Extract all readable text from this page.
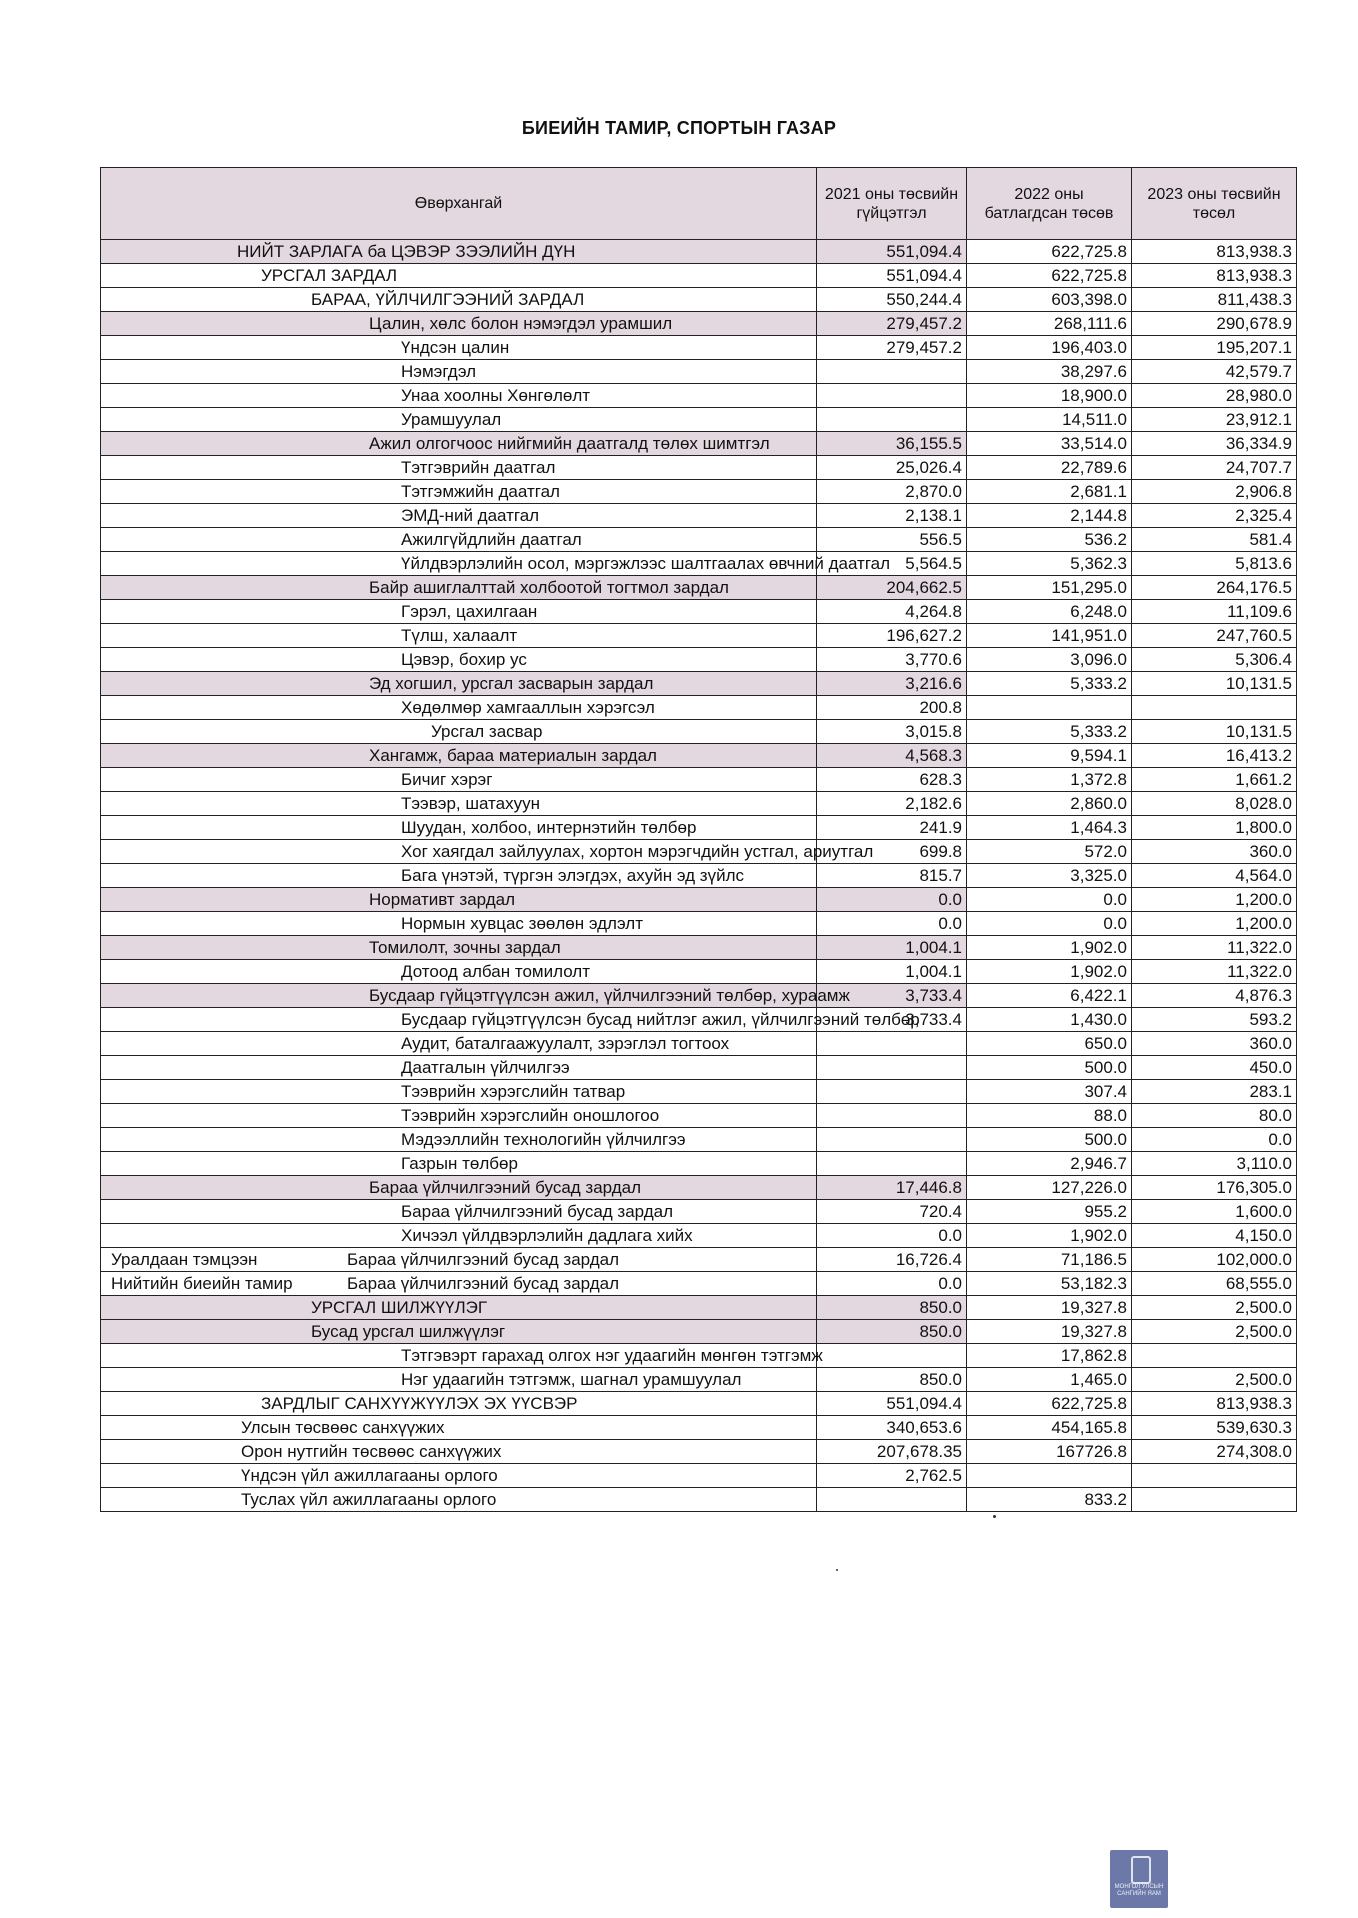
БИЕИЙН ТАМИР, СПОРТЫН ГАЗАР
Өвөрхангай	2021 оны төсвийн гүйцэтгэл	2022 оны батлагдсан төсөв	2023 оны төсвийн төсөл
НИЙТ ЗАРЛАГА ба ЦЭВЭР ЗЭЭЛИЙН ДҮН	551,094.4	622,725.8	813,938.3
УРСГАЛ ЗАРДАЛ	551,094.4	622,725.8	813,938.3
БАРАА, ҮЙЛЧИЛГЭЭНИЙ ЗАРДАЛ	550,244.4	603,398.0	811,438.3
Цалин, хөлс болон нэмэгдэл урамшил	279,457.2	268,111.6	290,678.9
Үндсэн цалин	279,457.2	196,403.0	195,207.1
Нэмэгдэл		38,297.6	42,579.7
Унаа хоолны Хөнгөлөлт		18,900.0	28,980.0
Урамшуулал		14,511.0	23,912.1
Ажил олгогчоос нийгмийн даатгалд төлөх шимтгэл	36,155.5	33,514.0	36,334.9
Тэтгэврийн даатгал	25,026.4	22,789.6	24,707.7
Тэтгэмжийн даатгал	2,870.0	2,681.1	2,906.8
ЭМД-ний даатгал	2,138.1	2,144.8	2,325.4
Ажилгүйдлийн даатгал	556.5	536.2	581.4
Үйлдвэрлэлийн осол, мэргэжлээс шалтгаалах өвчний даатгал	5,564.5	5,362.3	5,813.6
Байр ашиглалттай холбоотой тогтмол зардал	204,662.5	151,295.0	264,176.5
Гэрэл, цахилгаан	4,264.8	6,248.0	11,109.6
Түлш, халаалт	196,627.2	141,951.0	247,760.5
Цэвэр, бохир ус	3,770.6	3,096.0	5,306.4
Эд хогшил, урсгал засварын зардал	3,216.6	5,333.2	10,131.5
Хөдөлмөр хамгааллын хэрэгсэл	200.8		
Урсгал засвар	3,015.8	5,333.2	10,131.5
Хангамж, бараа материалын зардал	4,568.3	9,594.1	16,413.2
Бичиг хэрэг	628.3	1,372.8	1,661.2
Тээвэр, шатахуун	2,182.6	2,860.0	8,028.0
Шуудан, холбоо, интернэтийн төлбөр	241.9	1,464.3	1,800.0
Хог хаягдал зайлуулах, хортон мэрэгчдийн устгал, ариутгал	699.8	572.0	360.0
Бага үнэтэй, түргэн элэгдэх, ахуйн эд зүйлс	815.7	3,325.0	4,564.0
Нормативт зардал	0.0	0.0	1,200.0
Нормын хувцас зөөлөн эдлэлт	0.0	0.0	1,200.0
Томилолт, зочны зардал	1,004.1	1,902.0	11,322.0
Дотоод албан томилолт	1,004.1	1,902.0	11,322.0
Бусдаар гүйцэтгүүлсэн ажил, үйлчилгээний төлбөр, хураамж	3,733.4	6,422.1	4,876.3
Бусдаар гүйцэтгүүлсэн бусад нийтлэг ажил, үйлчилгээний төлбөр	3,733.4	1,430.0	593.2
Аудит, баталгаажуулалт, зэрэглэл тогтоох		650.0	360.0
Даатгалын үйлчилгээ		500.0	450.0
Тээврийн хэрэгслийн татвар		307.4	283.1
Тээврийн хэрэгслийн оношлогоо		88.0	80.0
Мэдээллийн технологийн үйлчилгээ		500.0	0.0
Газрын төлбөр		2,946.7	3,110.0
Бараа үйлчилгээний бусад зардал	17,446.8	127,226.0	176,305.0
Бараа үйлчилгээний бусад зардал	720.4	955.2	1,600.0
Хичээл үйлдвэрлэлийн дадлага хийх	0.0	1,902.0	4,150.0
Уралдаан тэмцээн Бараа үйлчилгээний бусад зардал	16,726.4	71,186.5	102,000.0
Нийтийн биеийн тамир Бараа үйлчилгээний бусад зардал	0.0	53,182.3	68,555.0
УРСГАЛ ШИЛЖҮҮЛЭГ	850.0	19,327.8	2,500.0
Бусад урсгал шилжүүлэг	850.0	19,327.8	2,500.0
Тэтгэвэрт гарахад олгох нэг удаагийн мөнгөн тэтгэмж		17,862.8	
Нэг удаагийн тэтгэмж, шагнал урамшуулал	850.0	1,465.0	2,500.0
ЗАРДЛЫГ САНХҮҮЖҮҮЛЭХ ЭХ ҮҮСВЭР	551,094.4	622,725.8	813,938.3
Улсын төсвөөс санхүүжих	340,653.6	454,165.8	539,630.3
Орон нутгийн төсвөөс санхүүжих	207,678.35	167726.8	274,308.0
Үндсэн үйл ажиллагааны орлого	2,762.5		
Туслах үйл ажиллагааны орлого		833.2	
МОНГОЛ УЛСЫН САНГИЙН ЯАМ
